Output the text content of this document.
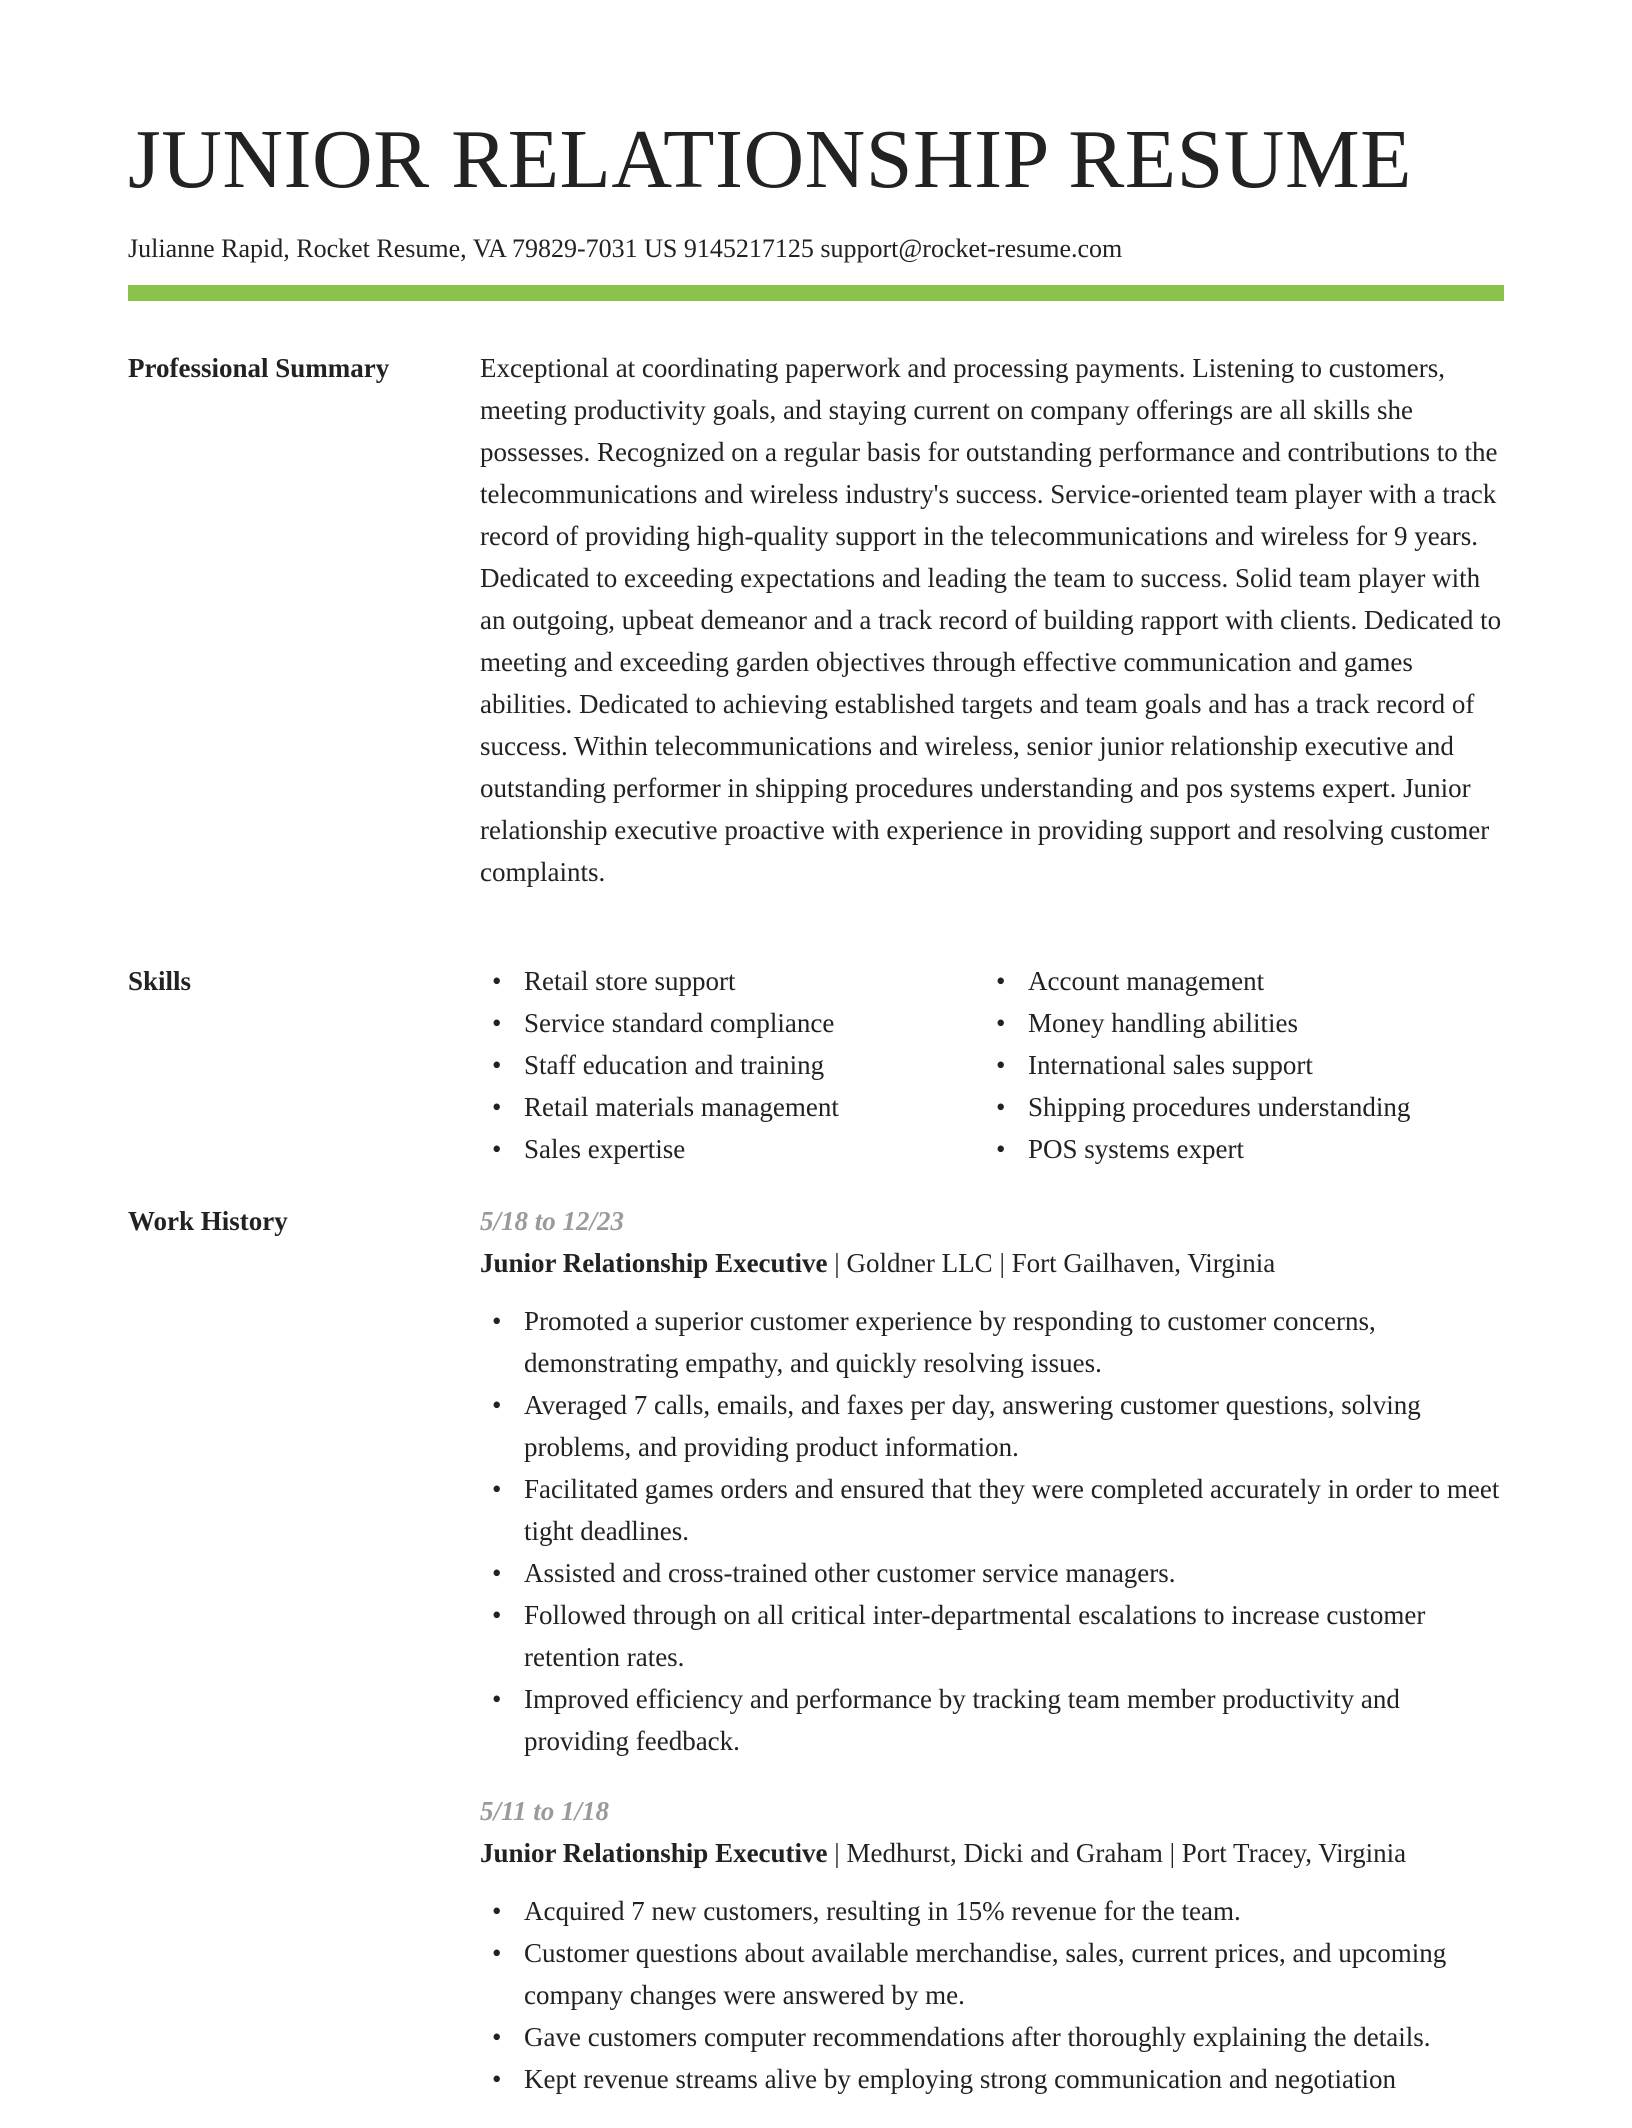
JUNIOR RELATIONSHIP RESUME
Julianne Rapid, Rocket Resume, VA 79829-7031 US 9145217125 support@rocket-resume.com
Professional Summary	Exceptional at coordinating paperwork and processing payments. Listening to customers, meeting productivity goals, and staying current on company offerings are all skills she possesses. Recognized on a regular basis for outstanding performance and contributions to the telecommunications and wireless industry's success. Service-oriented team player with a track record of providing high-quality support in the telecommunications and wireless for 9 years. Dedicated to exceeding expectations and leading the team to success. Solid team player with an outgoing, upbeat demeanor and a track record of building rapport with clients. Dedicated to meeting and exceeding garden objectives through effective communication and games abilities. Dedicated to achieving established targets and team goals and has a track record of success. Within telecommunications and wireless, senior junior relationship executive and outstanding performer in shipping procedures understanding and pos systems expert. Junior relationship executive proactive with experience in providing support and resolving customer complaints.

Skills	• Retail store support
• Service standard compliance
• Staff education and training
• Retail materials management
• Sales expertise
• Account management
• Money handling abilities
• International sales support
• Shipping procedures understanding
• POS systems expert
Work History	5/18 to 12/23
Junior Relationship Executive | Goldner LLC | Fort Gailhaven, Virginia
• Promoted a superior customer experience by responding to customer concerns, demonstrating empathy, and quickly resolving issues.
• Averaged 7 calls, emails, and faxes per day, answering customer questions, solving problems, and providing product information.
• Facilitated games orders and ensured that they were completed accurately in order to meet tight deadlines.
• Assisted and cross-trained other customer service managers.
• Followed through on all critical inter-departmental escalations to increase customer retention rates.
• Improved efficiency and performance by tracking team member productivity and providing feedback.
5/11 to 1/18
Junior Relationship Executive | Medhurst, Dicki and Graham | Port Tracey, Virginia
• Acquired 7 new customers, resulting in 15% revenue for the team.
• Customer questions about available merchandise, sales, current prices, and upcoming company changes were answered by me.
• Gave customers computer recommendations after thoroughly explaining the details.
• Kept revenue streams alive by employing strong communication and negotiation
